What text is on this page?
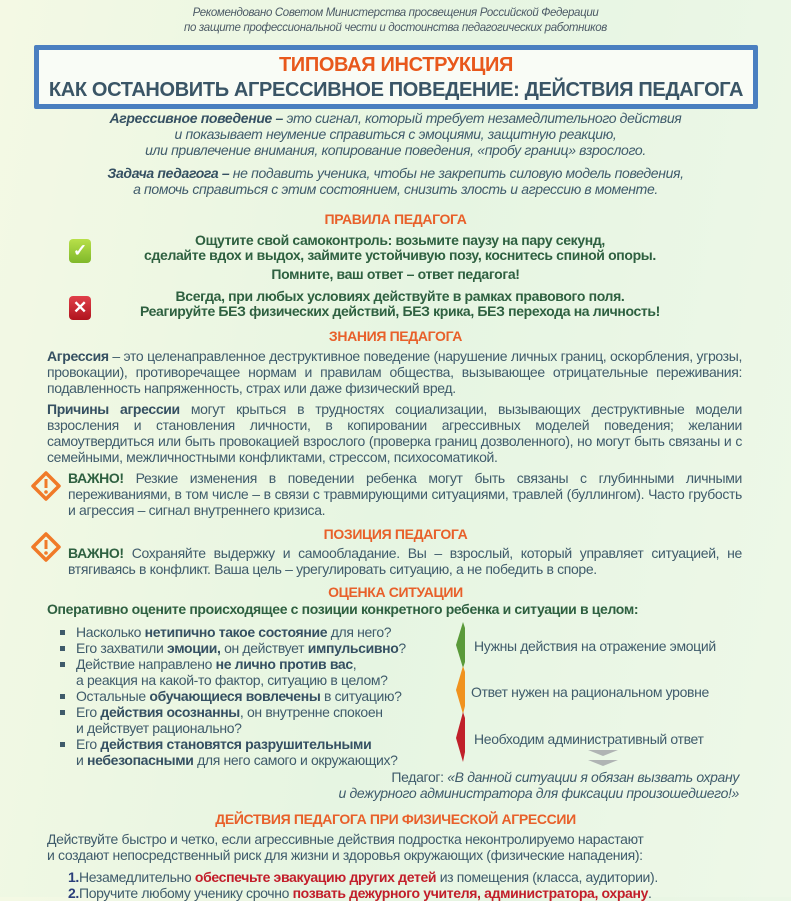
Рекомендовано Советом Министерства просвещения Российской Федерации
по защите профессиональной чести и достоинства педагогических работников
ТИПОВАЯ ИНСТРУКЦИЯ
КАК ОСТАНОВИТЬ АГРЕССИВНОЕ ПОВЕДЕНИЕ: ДЕЙСТВИЯ ПЕДАГОГА
Агрессивное поведение – это сигнал, который требует незамедлительного действия
и показывает неумение справиться с эмоциями, защитную реакцию,
или привлечение внимания, копирование поведения, «пробу границ» взрослого.
Задача педагога – не подавить ученика, чтобы не закрепить силовую модель поведения,
а помочь справиться с этим состоянием, снизить злость и агрессию в моменте.
ПРАВИЛА ПЕДАГОГА
✓
Ощутите свой самоконтроль: возьмите паузу на пару секунд,
сделайте вдох и выдох, займите устойчивую позу, коснитесь спиной опоры.
Помните, ваш ответ – ответ педагога!
✕
Всегда, при любых условиях действуйте в рамках правового поля.
Реагируйте БЕЗ физических действий, БЕЗ крика, БЕЗ перехода на личность!
ЗНАНИЯ ПЕДАГОГА
Агрессия – это целенаправленное деструктивное поведение (нарушение личных границ, оскорбления, угрозы, провокации), противоречащее нормам и правилам общества, вызывающее отрицательные переживания: подавленность напряженность, страх или даже физический вред.
Причины агрессии могут крыться в трудностях социализации, вызывающих деструктивные модели взросления и становления личности, в копировании агрессивных моделей поведения; желании самоутвердиться или быть провокацией взрослого (проверка границ дозволенного), но могут быть связаны и с семейными, межличностными конфликтами, стрессом, психосоматикой.
ВАЖНО! Резкие изменения в поведении ребенка могут быть связаны с глубинными личными переживаниями, в том числе – в связи с травмирующими ситуациями, травлей (буллингом). Часто грубость и агрессия – сигнал внутреннего кризиса.
ПОЗИЦИЯ ПЕДАГОГА
ВАЖНО! Сохраняйте выдержку и самообладание. Вы – взрослый, который управляет ситуацией, не втягиваясь в конфликт. Ваша цель – урегулировать ситуацию, а не победить в споре.
ОЦЕНКА СИТУАЦИИ
Оперативно оцените происходящее с позиции конкретного ребенка и ситуации в целом:
Насколько нетипично такое состояние для него?
Его захватили эмоции, он действует импульсивно?
Действие направлено не лично против вас,
а реакция на какой-то фактор, ситуацию в целом?
Остальные обучающиеся вовлечены в ситуацию?
Его действия осознанны, он внутренне спокоен
и действует рационально?
Его действия становятся разрушительными
и небезопасными для него самого и окружающих?
Нужны действия на отражение эмоций
Ответ нужен на рациональном уровне
Необходим административный ответ
Педагог: «В данной ситуации я обязан вызвать охрану
и дежурного администратора для фиксации произошедшего!»
ДЕЙСТВИЯ ПЕДАГОГА ПРИ ФИЗИЧЕСКОЙ АГРЕССИИ
Действуйте быстро и четко, если агрессивные действия подростка неконтролируемо нарастают
и создают непосредственный риск для жизни и здоровья окружающих (физические нападения):
1.Незамедлительно обеспечьте эвакуацию других детей из помещения (класса, аудитории).
2.Поручите любому ученику срочно позвать дежурного учителя, администратора, охрану.
